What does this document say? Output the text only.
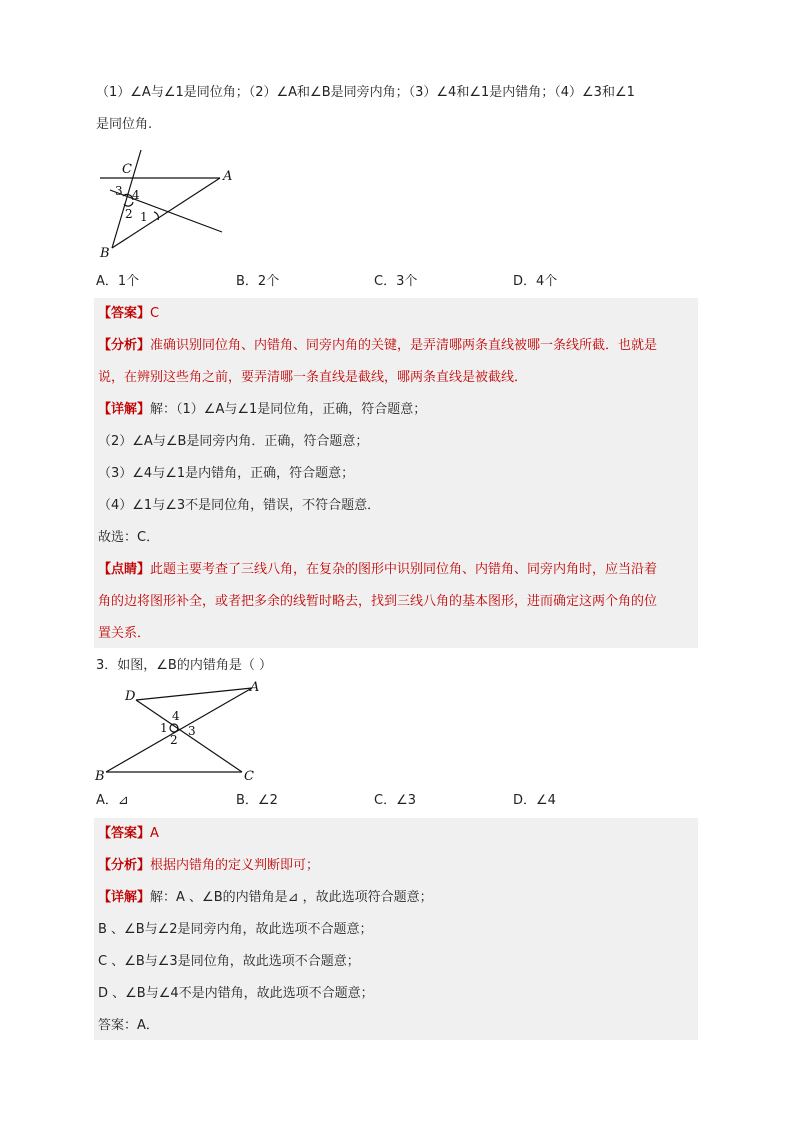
（1）∠A与∠1是同位角；（2）∠A和∠B是同旁内角；（3）∠4和∠1是内错角；（4）∠3和∠1
是同位角.
C	A
B
3 4
2 1
A．1个	B．2个	C．3个	D．4个
【答案】C
【分析】准确识别同位角、内错角、同旁内角的关键，是弄清哪两条直线被哪一条线所截．也就是
说，在辨别这些角之前，要弄清哪一条直线是截线，哪两条直线是被截线．
【详解】解：（1）∠A与∠1是同位角，正确，符合题意；
（2）∠A与∠B是同旁内角．正确，符合题意；
（3）∠4与∠1是内错角，正确，符合题意；
（4）∠1与∠3不是同位角，错误，不符合题意．
故选：C．
【点睛】此题主要考查了三线八角，在复杂的图形中识别同位角、内错角、同旁内角时，应当沿着
角的边将图形补全，或者把多余的线暂时略去，找到三线八角的基本图形，进而确定这两个角的位
置关系．
3．如图，∠B的内错角是（ ）
D
A
B	C
1
2
3
4
A．⊿	B．∠2	C．∠3	D．∠4
【答案】A
【分析】根据内错角的定义判断即可；
【详解】解：A 、∠B的内错角是⊿ ，故此选项符合题意；
B 、∠B与∠2是同旁内角，故此选项不合题意；
C 、∠B与∠3是同位角，故此选项不合题意；
D 、∠B与∠4不是内错角，故此选项不合题意；
答案：A．
